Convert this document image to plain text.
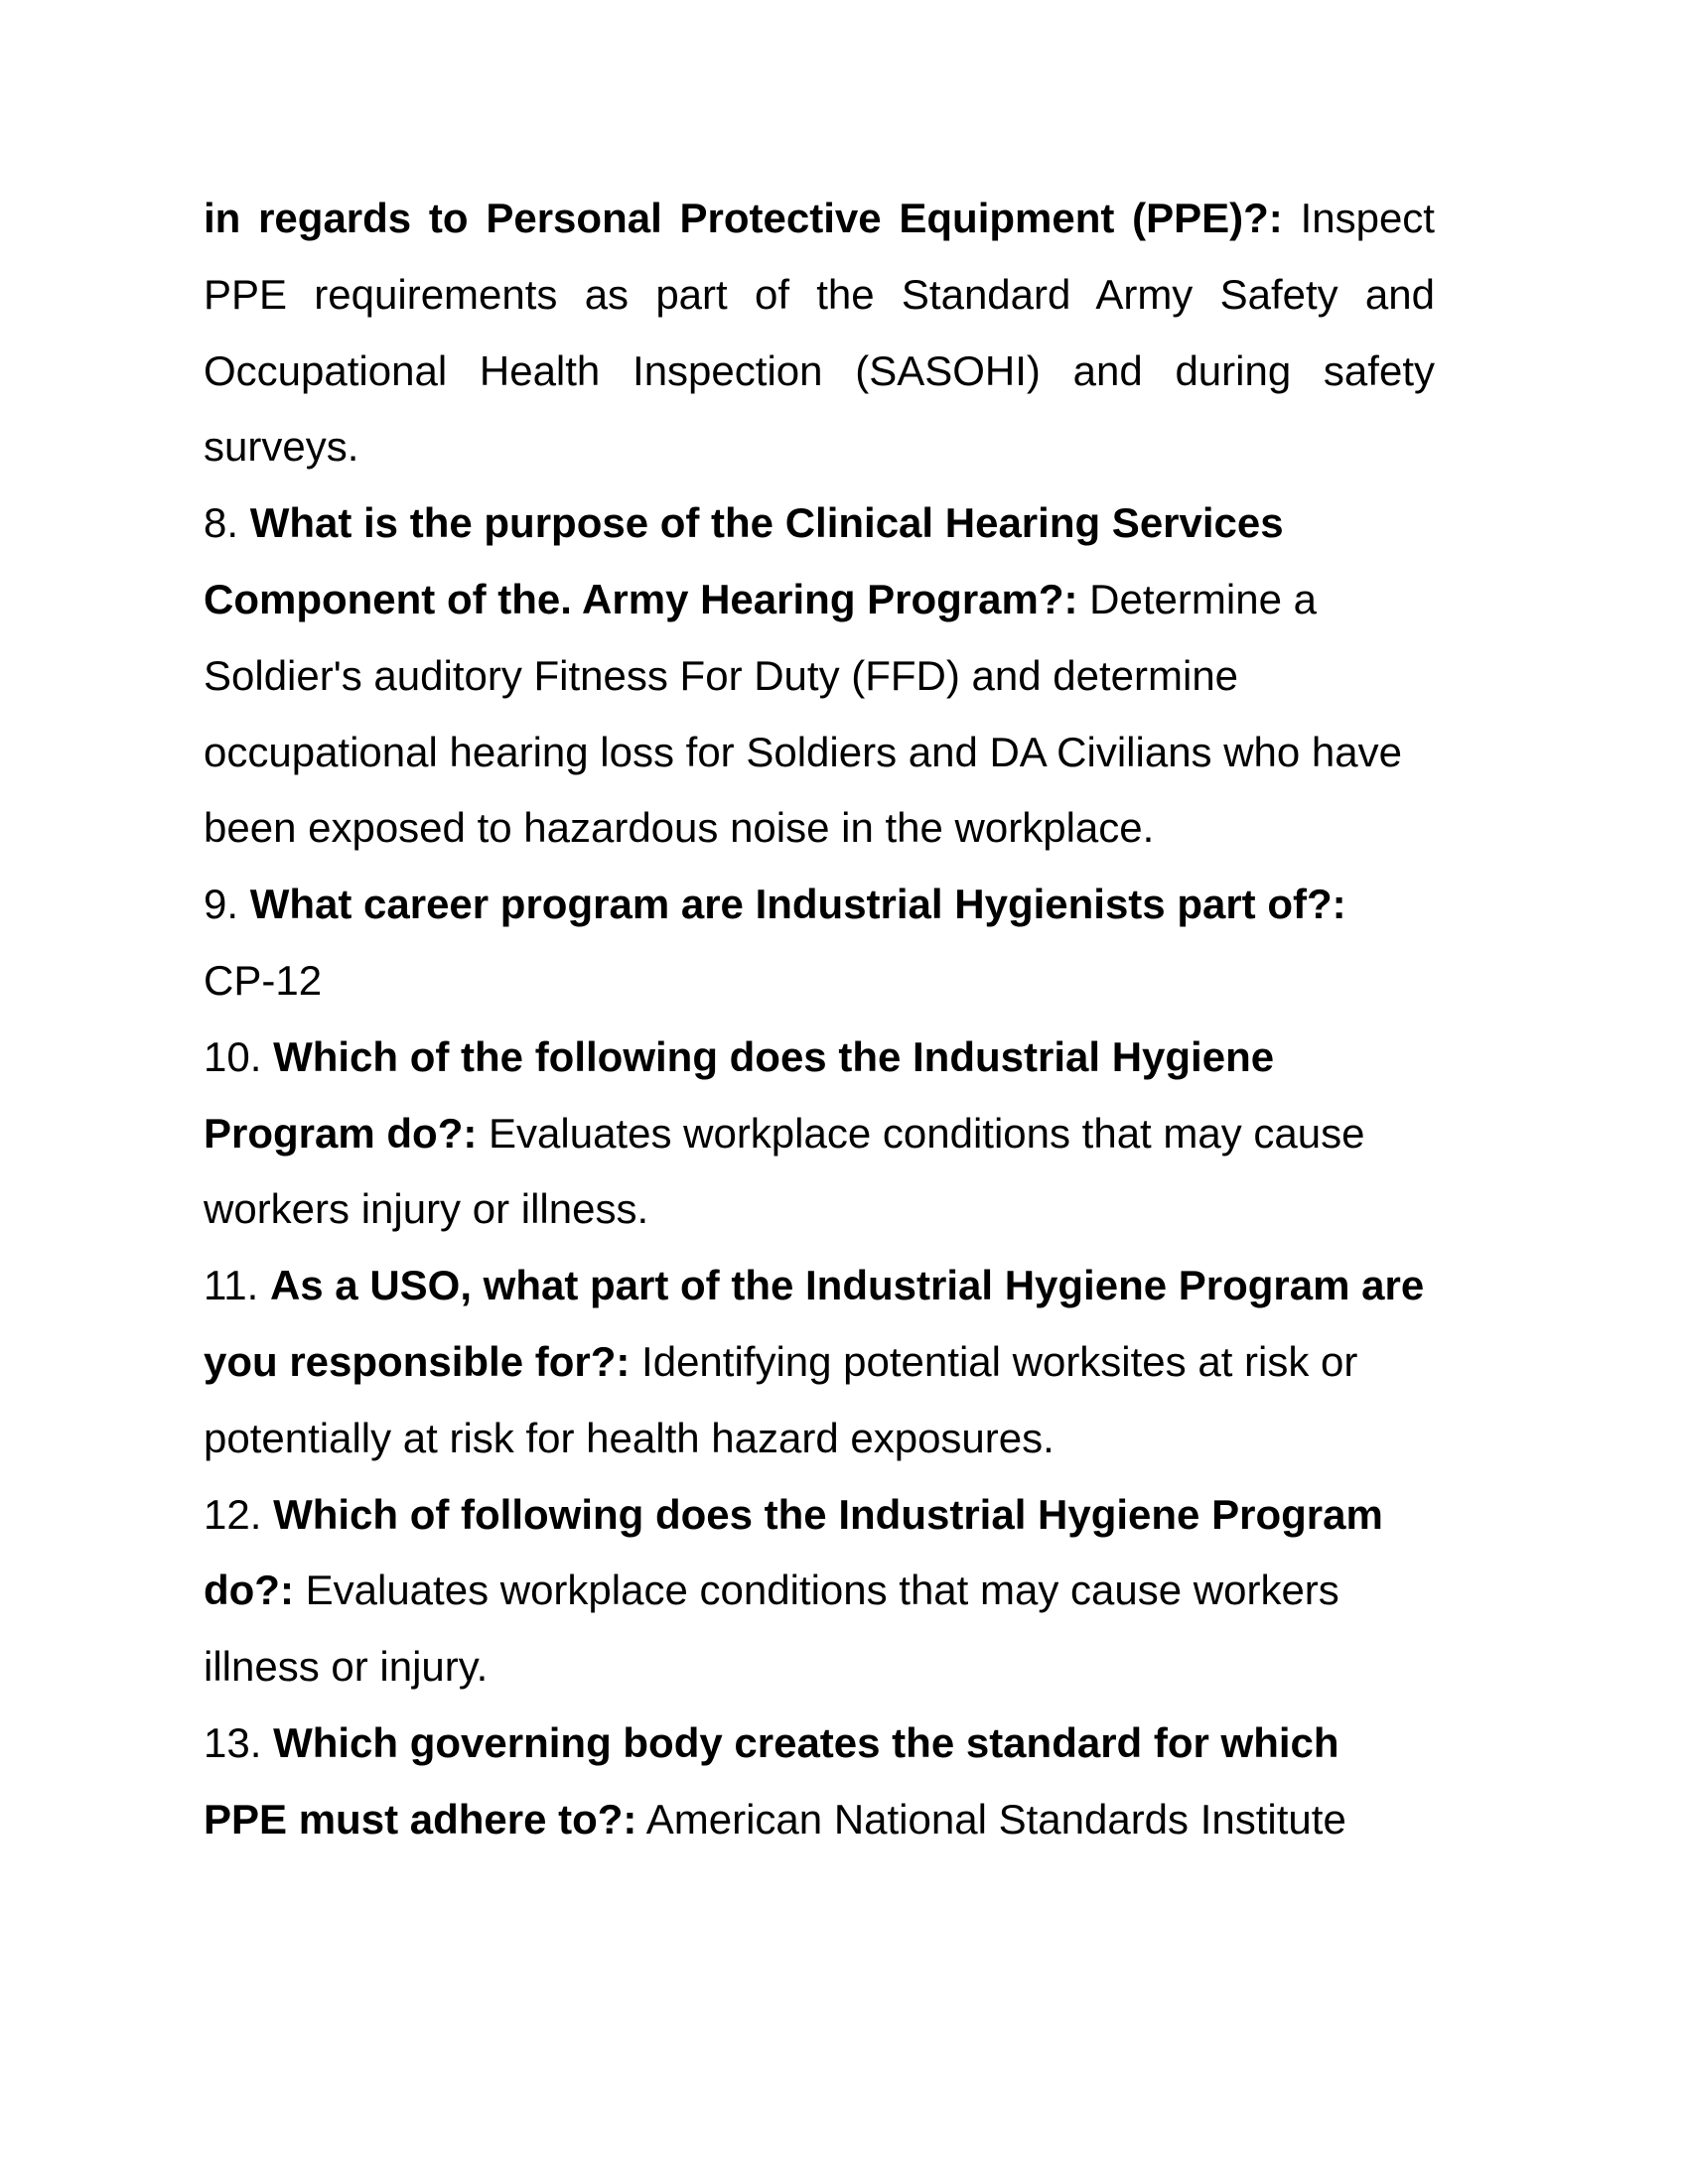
in regards to Personal Protective Equipment (PPE)?: Inspect
PPE requirements as part of the Standard Army Safety and
Occupational Health Inspection (SASOHI) and during safety
surveys.
8. What is the purpose of the Clinical Hearing Services
Component of the. Army Hearing Program?: Determine a
Soldier's auditory Fitness For Duty (FFD) and determine
occupational hearing loss for Soldiers and DA Civilians who have
been exposed to hazardous noise in the workplace.
9. What career program are Industrial Hygienists part of?:
CP-12
10. Which of the following does the Industrial Hygiene
Program do?: Evaluates workplace conditions that may cause
workers injury or illness.
11. As a USO, what part of the Industrial Hygiene Program are
you responsible for?: Identifying potential worksites at risk or
potentially at risk for health hazard exposures.
12. Which of following does the Industrial Hygiene Program
do?: Evaluates workplace conditions that may cause workers
illness or injury.
13. Which governing body creates the standard for which
PPE must adhere to?: American National Standards Institute
